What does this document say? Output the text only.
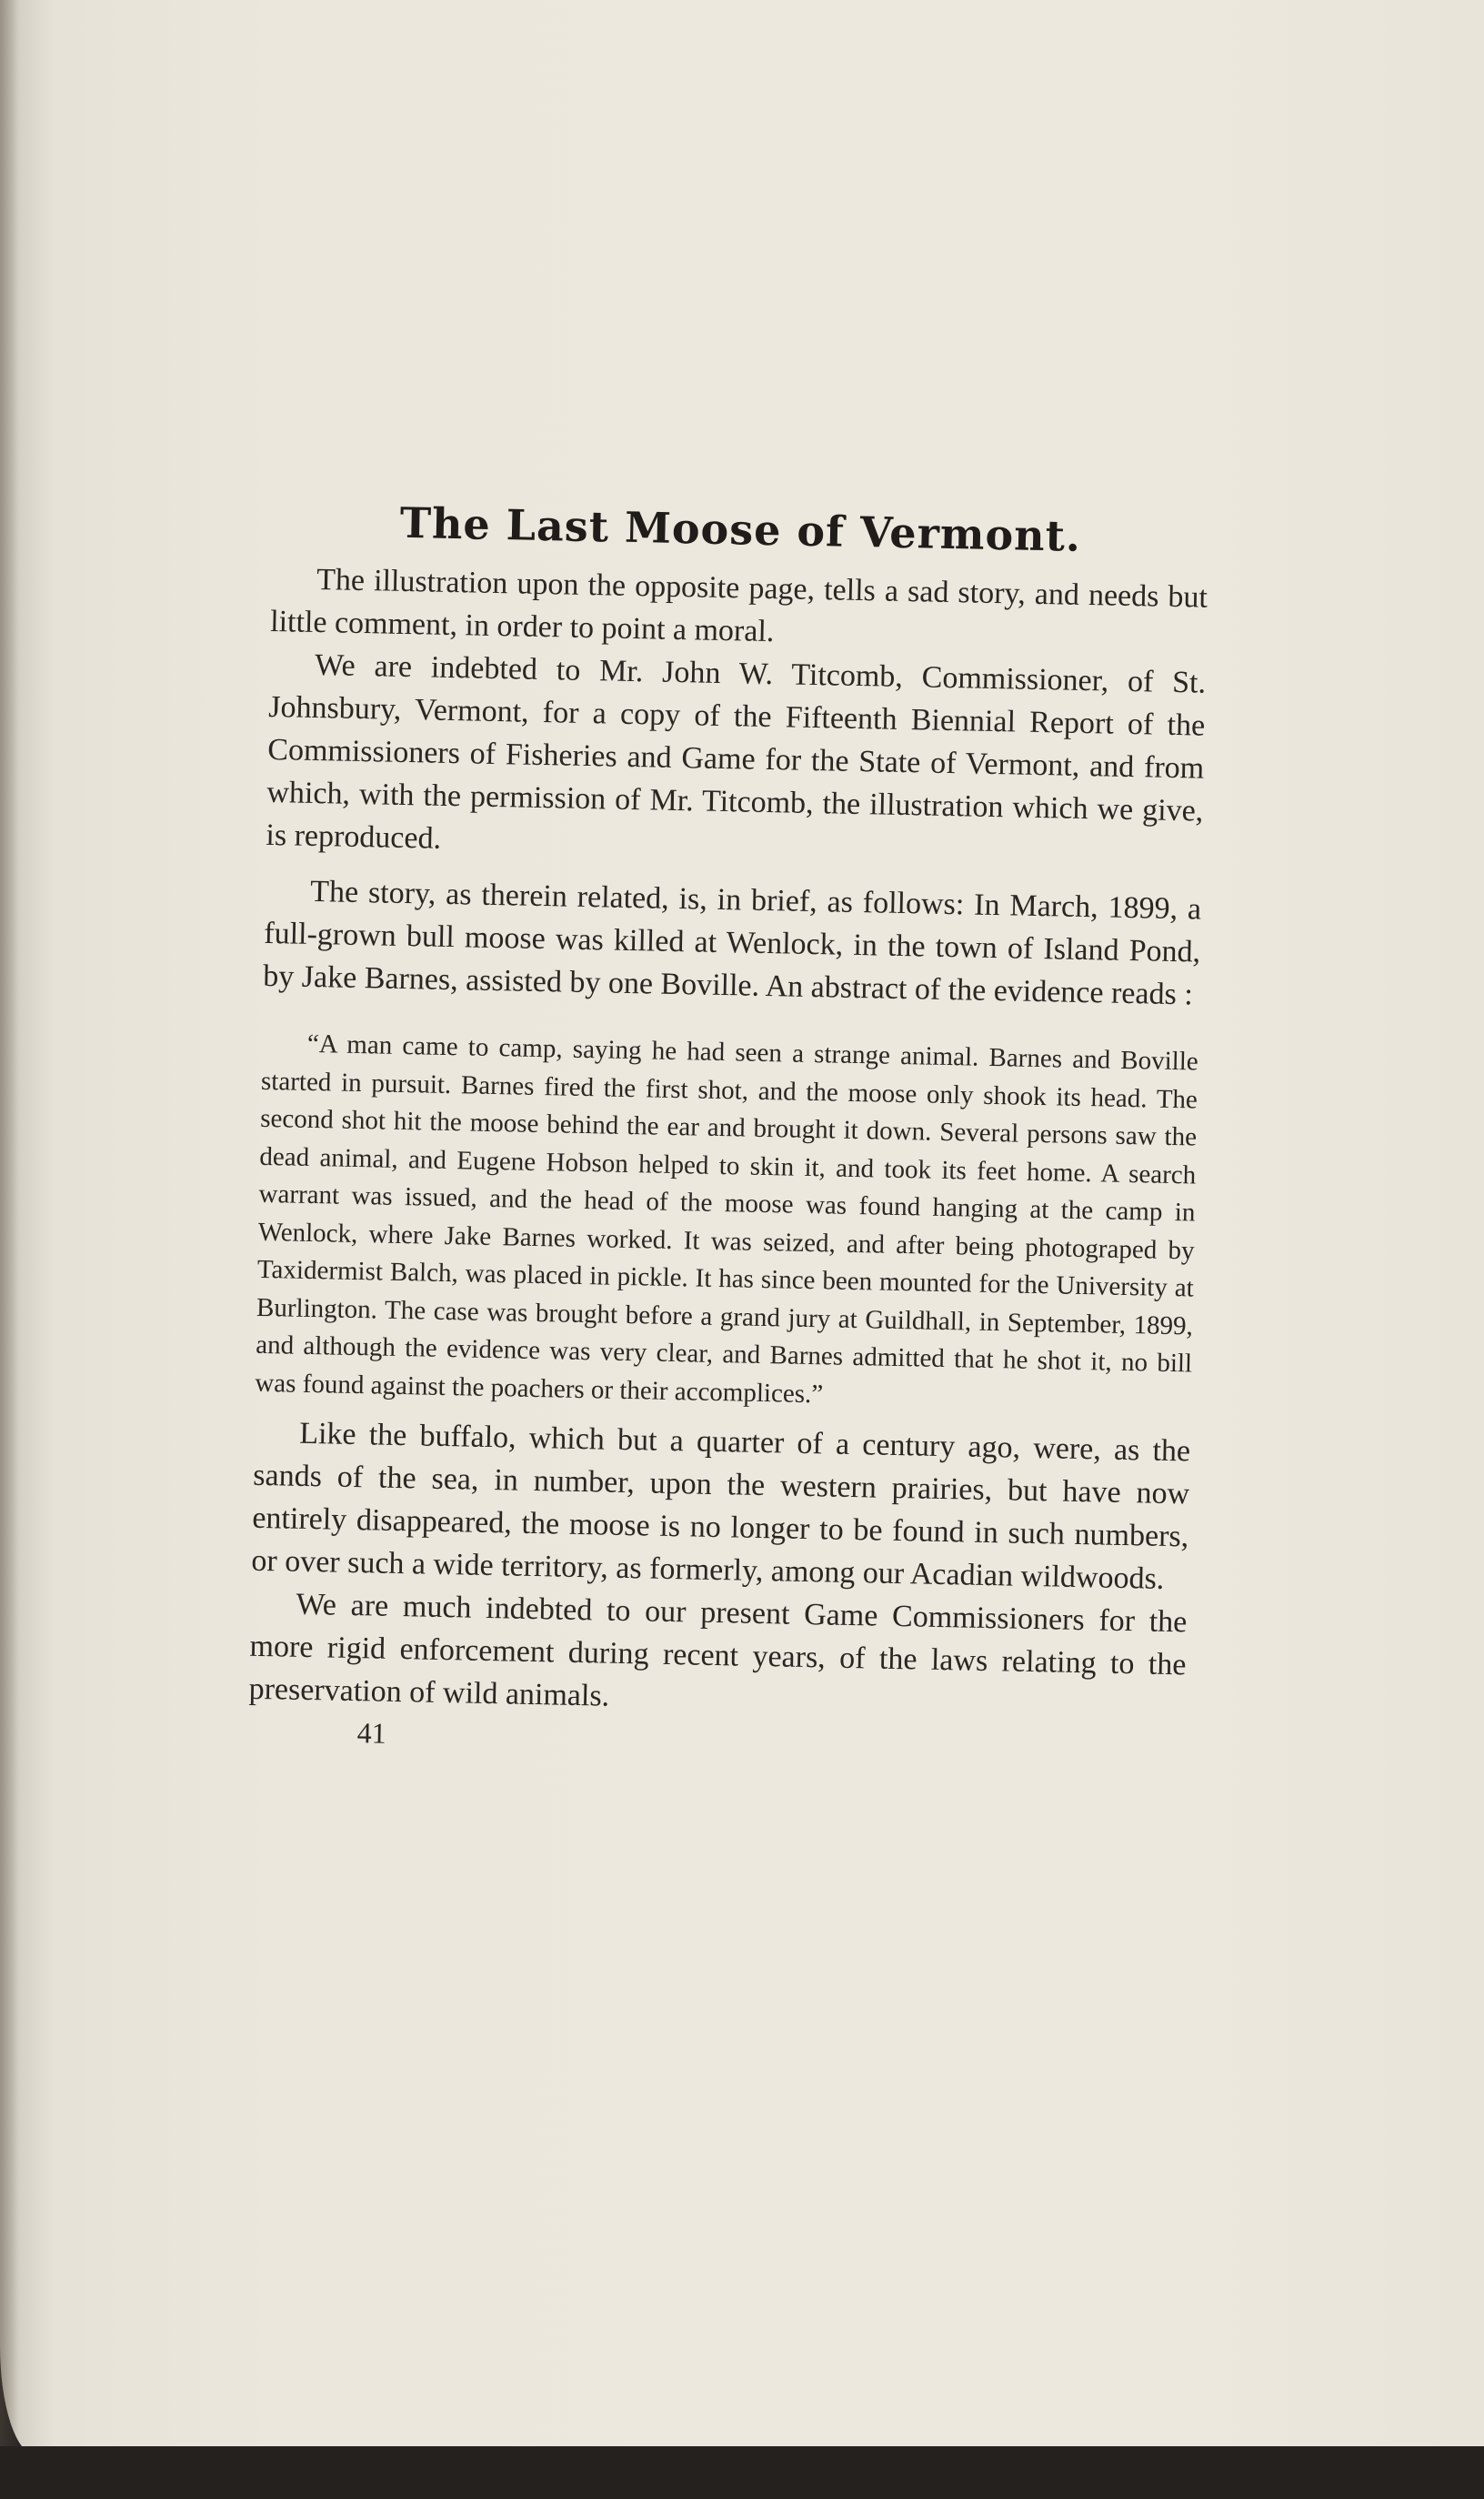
The Last Moose of Vermont.

The illustration upon the opposite page, tells a sad story, and needs but little comment, in order to point a moral.

We are indebted to Mr. John W. Titcomb, Commissioner, of St. Johnsbury, Vermont, for a copy of the Fifteenth Biennial Report of the Commissioners of Fisheries and Game for the State of Vermont, and from which, with the permission of Mr. Titcomb, the illustration which we give, is reproduced.

The story, as therein related, is, in brief, as follows: In March, 1899, a full-grown bull moose was killed at Wenlock, in the town of Island Pond, by Jake Barnes, assisted by one Boville. An abstract of the evidence reads :

“A man came to camp, saying he had seen a strange animal. Barnes and Boville started in pursuit. Barnes fired the first shot, and the moose only shook its head. The second shot hit the moose behind the ear and brought it down. Several persons saw the dead animal, and Eugene Hobson helped to skin it, and took its feet home. A search warrant was issued, and the head of the moose was found hanging at the camp in Wenlock, where Jake Barnes worked. It was seized, and after being photograped by Taxidermist Balch, was placed in pickle. It has since been mounted for the University at Burlington. The case was brought before a grand jury at Guildhall, in September, 1899, and although the evidence was very clear, and Barnes admitted that he shot it, no bill was found against the poachers or their accomplices.”

Like the buffalo, which but a quarter of a century ago, were, as the sands of the sea, in number, upon the western prairies, but have now entirely disappeared, the moose is no longer to be found in such numbers, or over such a wide territory, as formerly, among our Acadian wildwoods.

We are much indebted to our present Game Commissioners for the more rigid enforcement during recent years, of the laws relating to the preservation of wild animals.

41
